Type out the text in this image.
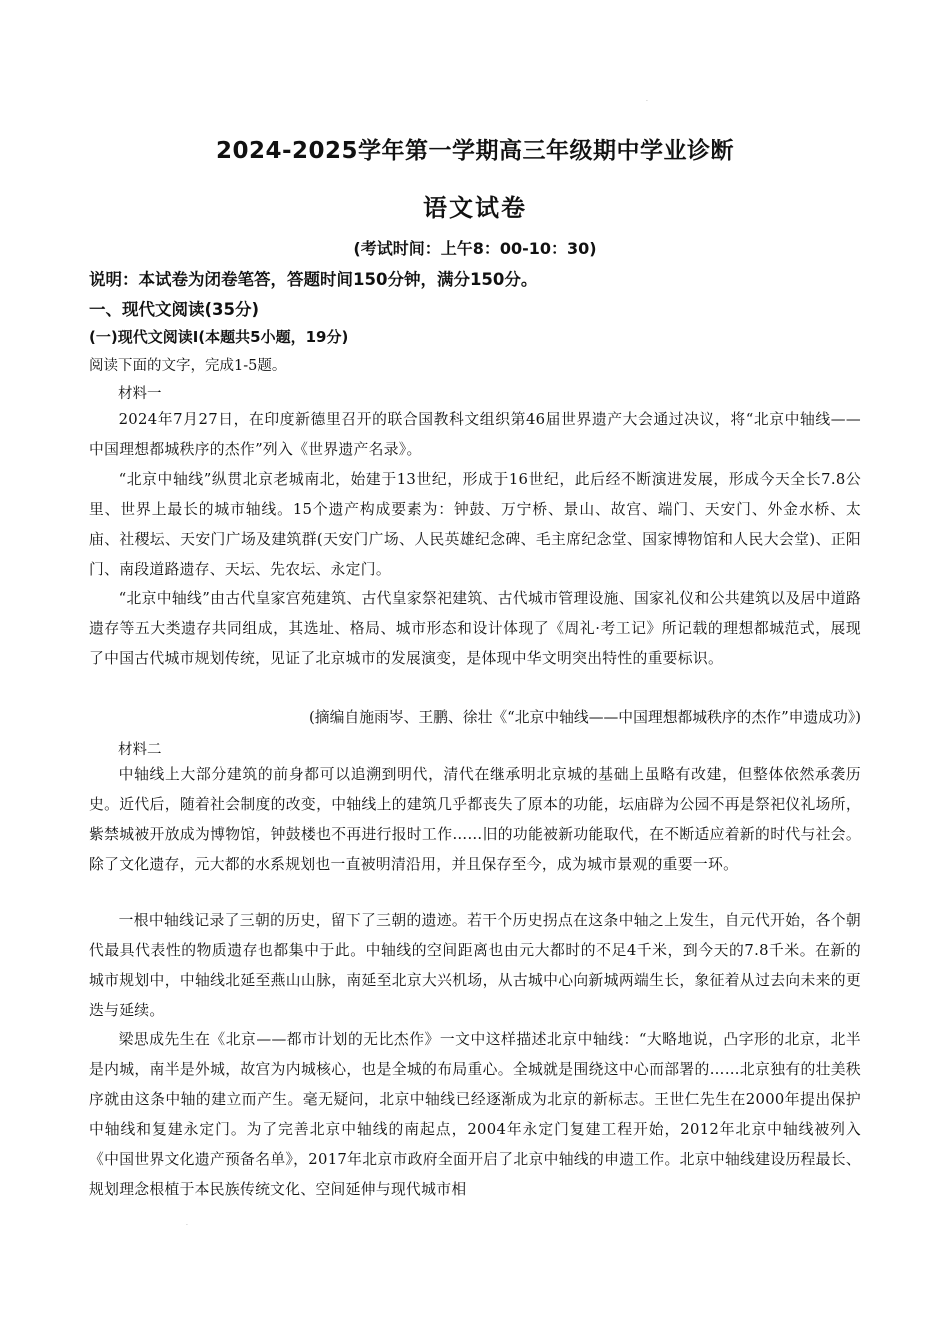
·
2024-2025学年第一学期高三年级期中学业诊断
语文试卷
(考试时间：上午8：00-10：30)
说明：本试卷为闭卷笔答，答题时间150分钟，满分150分。
一、现代文阅读(35分)
(一)现代文阅读Ⅰ(本题共5小题，19分)
阅读下面的文字，完成1-5题。
材料一
2024年7月27日，在印度新德里召开的联合国教科文组织第46届世界遗产大会通过决议，将“北京中轴线——中国理想都城秩序的杰作”列入《世界遗产名录》。
“北京中轴线”纵贯北京老城南北，始建于13世纪，形成于16世纪，此后经不断演进发展，形成今天全长7.8公里、世界上最长的城市轴线。15个遗产构成要素为：钟鼓、万宁桥、景山、故宫、端门、天安门、外金水桥、太庙、社稷坛、天安门广场及建筑群(天安门广场、人民英雄纪念碑、毛主席纪念堂、国家博物馆和人民大会堂)、正阳门、南段道路遗存、天坛、先农坛、永定门。
“北京中轴线”由古代皇家宫苑建筑、古代皇家祭祀建筑、古代城市管理设施、国家礼仪和公共建筑以及居中道路遗存等五大类遗存共同组成，其选址、格局、城市形态和设计体现了《周礼·考工记》所记载的理想都城范式，展现了中国古代城市规划传统，见证了北京城市的发展演变，是体现中华文明突出特性的重要标识。
(摘编自施雨岑、王鹏、徐壮《“北京中轴线——中国理想都城秩序的杰作”申遗成功》)
材料二
中轴线上大部分建筑的前身都可以追溯到明代，清代在继承明北京城的基础上虽略有改建，但整体依然承袭历史。近代后，随着社会制度的改变，中轴线上的建筑几乎都丧失了原本的功能，坛庙辟为公园不再是祭祀仪礼场所，紫禁城被开放成为博物馆，钟鼓楼也不再进行报时工作……旧的功能被新功能取代，在不断适应着新的时代与社会。除了文化遗存，元大都的水系规划也一直被明清沿用，并且保存至今，成为城市景观的重要一环。
一根中轴线记录了三朝的历史，留下了三朝的遗迹。若干个历史拐点在这条中轴之上发生，自元代开始，各个朝代最具代表性的物质遗存也都集中于此。中轴线的空间距离也由元大都时的不足4千米，到今天的7.8千米。在新的城市规划中，中轴线北延至燕山山脉，南延至北京大兴机场，从古城中心向新城两端生长，象征着从过去向未来的更迭与延续。
梁思成先生在《北京——都市计划的无比杰作》一文中这样描述北京中轴线：“大略地说，凸字形的北京，北半是内城，南半是外城，故宫为内城核心，也是全城的布局重心。全城就是围绕这中心而部署的……北京独有的壮美秩序就由这条中轴的建立而产生。毫无疑问，北京中轴线已经逐渐成为北京的新标志。王世仁先生在2000年提出保护中轴线和复建永定门。为了完善北京中轴线的南起点，2004年永定门复建工程开始，2012年北京中轴线被列入《中国世界文化遗产预备名单》，2017年北京市政府全面开启了北京中轴线的申遗工作。北京中轴线建设历程最长、规划理念根植于本民族传统文化、空间延伸与现代城市相
·
